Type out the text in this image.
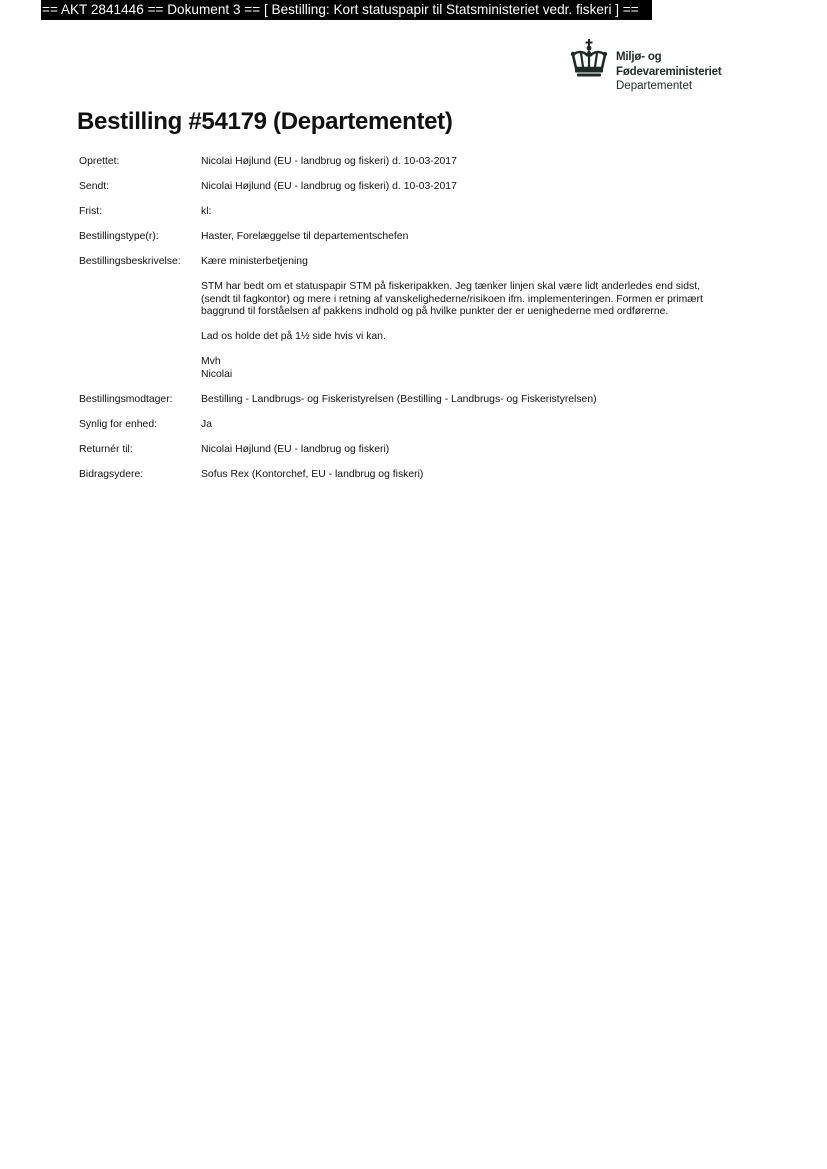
== AKT 2841446 == Dokument 3 == [ Bestilling: Kort statuspapir til Statsministeriet vedr. fiskeri ] ==
Miljø- og
Fødevareministeriet
Departementet
Bestilling #54179 (Departementet)
Oprettet:	Nicolai Højlund (EU - landbrug og fiskeri) d. 10-03-2017
Sendt:	Nicolai Højlund (EU - landbrug og fiskeri) d. 10-03-2017
Frist:	kl:
Bestillingstype(r):	Haster, Forelæggelse til departementschefen
Bestillingsbeskrivelse: Kære ministerbetjening
STM har bedt om et statuspapir STM på fiskeripakken. Jeg tænker linjen skal være lidt anderledes end sidst,
(sendt til fagkontor) og mere i retning af vanskelighederne/risikoen ifm. implementeringen. Formen er primært
baggrund til forståelsen af pakkens indhold og på hvilke punkter der er uenighederne med ordførerne.
Lad os holde det på 1½ side hvis vi kan.
Mvh
Nicolai
Bestillingsmodtager:	Bestilling - Landbrugs- og Fiskeristyrelsen (Bestilling - Landbrugs- og Fiskeristyrelsen)
Synlig for enhed:	Ja
Returnér til:	Nicolai Højlund (EU - landbrug og fiskeri)
Bidragsydere:	Sofus Rex (Kontorchef, EU - landbrug og fiskeri)
